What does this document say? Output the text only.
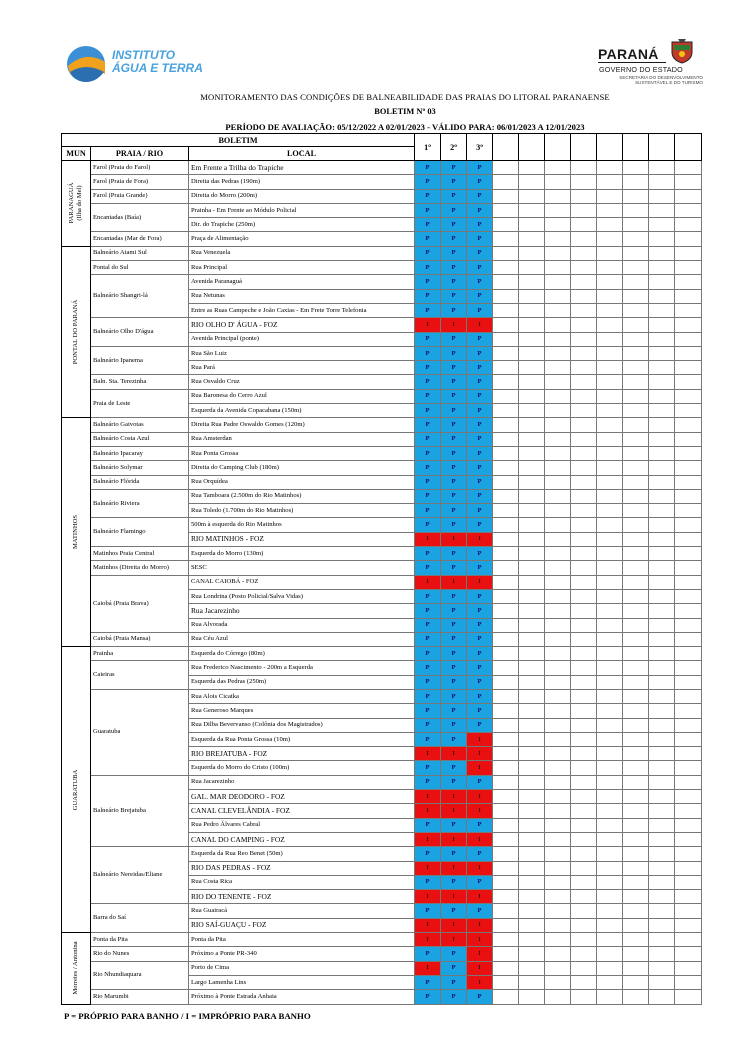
INSTITUTO
ÁGUA E TERRA
PARANÁ
GOVERNO DO ESTADO
SECRETARIA DO DESENVOLVIMENTO SUSTENTÁVEL E DO TURISMO
MONITORAMENTO DAS CONDIÇÕES DE BALNEABILIDADE DAS PRAIAS DO LITORAL PARANAENSE
BOLETIM Nº 03
PERÍODO DE AVALIAÇÃO: 05/12/2022 A 02/01/2023 - VÁLIDO PARA: 06/01/2023 A 12/01/2023
BOLETIM			1º	2º	3º								
MUN	PRAIA / RIO	LOCAL											

PARANAGUÁ
(Ilha do Mel)	Farol (Praia do Farol)	Em Frente a Trilha do Trapiche	P	P	P								
	Farol (Praia de Fora)	Direita das Pedras (190m)	P	P	P								
	Farol (Praia Grande)	Direita do Morro (200m)	P	P	P								
	Encantadas (Baía)	Prainha - Em Frente ao Módulo Policial	P	P	P								
		Dir. do Trapiche (250m)	P	P	P								
	Encantadas (Mar de Fora)	Praça de Alimentação	P	P	P								

PONTAL DO PARANÁ	Balneário Atami Sul	Rua Venezuela	P	P	P								
	Pontal do Sul	Rua Principal	P	P	P								
	Balneário Shangri-lá	Avenida Paranaguá	P	P	P								
		Rua Netunas	P	P	P								
		Entre as Ruas Campeche e João Caxias - Em Frete Torre Telefonia	P	P	P								
	Balneário Olho D'água	RIO OLHO D' ÁGUA - FOZ	I	I	I								
		Avenida Principal (ponte)	P	P	P								
	Balneário Ipanema	Rua São Luiz	P	P	P								
		Rua Pará	P	P	P								
	Baln. Sta. Terezinha	Rua Osvaldo Cruz	P	P	P								
	Praia de Leste	Rua Baronesa do Cerro Azul	P	P	P								
		Esquerda da Avenida Copacabana (150m)	P	P	P								

MATINHOS	Balneário Gaivotas	Direita Rua Padre Oswaldo Gomes (120m)	P	P	P								
	Balneário Costa Azul	Rua Amsterdan	P	P	P								
	Balneário Ipacaray	Rua Ponta Grossa	P	P	P								
	Balneário Solymar	Direita do Camping Club (180m)	P	P	P								
	Balneário Flórida	Rua Orquídea	P	P	P								
	Balneário Riviera	Rua Tamboara (2.500m do Rio Matinhos)	P	P	P								
		Rua Toledo (1.700m do Rio Matinhos)	P	P	P								
	Balneário Flamingo	500m à esquerda do Rio Matinhos	P	P	P								
		RIO MATINHOS - FOZ	I	I	I								
	Matinhos Praia Central	Esquerda do Morro (130m)	P	P	P								
	Matinhos (Direita do Morro)	SESC	P	P	P								
	Caiobá (Praia Brava)	CANAL CAIOBÁ - FOZ	I	I	I								
		Rua Londrina (Posto Policial/Salva Vidas)	P	P	P								
		Rua Jacarezinho	P	P	P								
		Rua Alvorada	P	P	P								
	Caiobá (Praia Mansa)	Rua Céu Azul	P	P	P								

GUARATUBA	Prainha	Esquerda do Córrego (80m)	P	P	P								
	Caieiras	Rua Frederico Nascimento - 200m a Esquerda	P	P	P								
		Esquerda das Pedras (250m)	P	P	P								
	Guaratuba	Rua Alois Cicatka	P	P	P								
		Rua Generoso Marques	P	P	P								
		Rua Dilba Bevervanso (Colônia dos Magistrados)	P	P	P								
		Esquerda da Rua Ponta Grossa (10m)	P	P	I								
		RIO BREJATUBA - FOZ	I	I	I								
		Esquerda do Morro do Cristo (100m)	P	P	I								
	Balneário Brejatuba	Rua Jacarezinho	P	P	P								
		GAL. MAR DEODORO - FOZ	I	I	I								
		CANAL CLEVELÂNDIA - FOZ	I	I	I								
		Rua Pedro Álvares Cabral	P	P	P								
		CANAL DO CAMPING - FOZ	I	I	I								
	Balneário Nereidas/Eliane	Esquerda da Rua Reo Benet (50m)	P	P	P								
		RIO DAS PEDRAS - FOZ	I	I	I								
		Rua Costa Rica	P	P	P								
		RIO DO TENENTE - FOZ	I	I	I								
	Barra do Saí	Rua Guairacá	P	P	P								
		RIO SAÍ-GUAÇU - FOZ	I	I	I								

Morretes / Antonina	Ponta da Pita	Ponta da Pita	I	I	I								
	Rio do Nunes	Próximo a Ponte PR-340	P	P	I								
	Rio Nhundiaquara	Porto de Cima	I	P	I								
		Largo Lamenha Lins	P	P	I								
	Rio Marumbi	Próximo à Ponte Estrada Anhaia	P	P	P								
P = PRÓPRIO PARA BANHO / I = IMPRÓPRIO PARA BANHO
